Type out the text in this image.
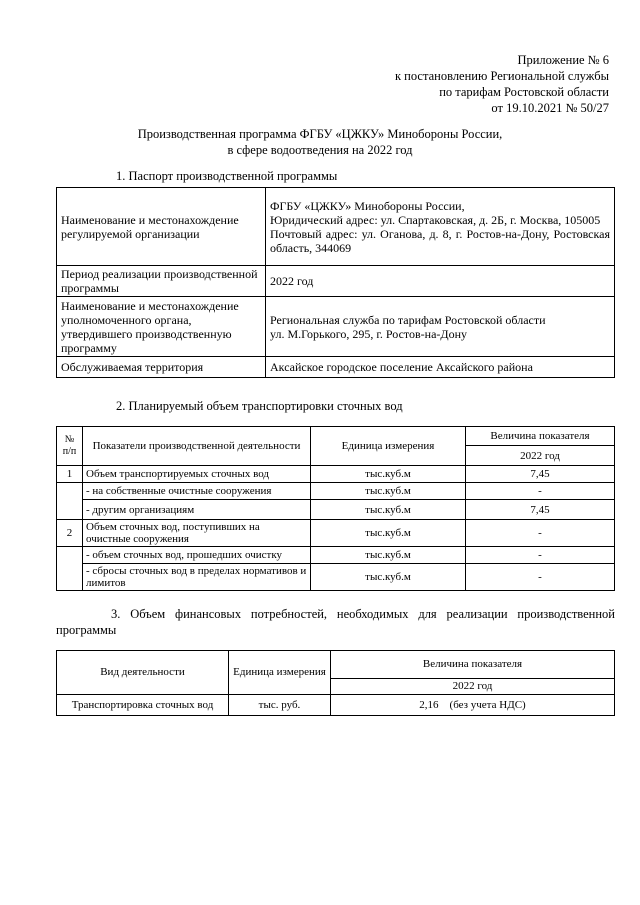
Приложение № 6
к постановлению Региональной службы
по тарифам Ростовской области
от 19.10.2021 № 50/27
Производственная программа ФГБУ «ЦЖКУ» Минобороны России,
в сфере водоотведения на 2022 год
1. Паспорт производственной программы
Наименование и местонахождение регулируемой организации	ФГБУ «ЦЖКУ» Минобороны России,
Юридический адрес: ул. Спартаковская, д. 2Б, г. Москва, 105005
Почтовый адрес: ул. Оганова, д. 8, г. Ростов-на-Дону, Ростовская область, 344069

Период реализации производственной программы	2022 год
Наименование и местонахождение уполномоченного органа, утвердившего производственную программу	Региональная служба по тарифам Ростовской области
ул. М.Горького, 295, г. Ростов-на-Дону

Обслуживаемая территория	Аксайское городское поселение Аксайского района
2. Планируемый объем транспортировки сточных вод
№ п/п	Показатели производственной деятельности	Единица измерения	Величина показателя
			2022 год
1	Объем транспортируемых сточных вод	тыс.куб.м	7,45
	- на собственные очистные сооружения	тыс.куб.м	-
	- другим организациям	тыс.куб.м	7,45
2	Объем сточных вод, поступивших на очистные сооружения	тыс.куб.м	-
	- объем сточных вод, прошедших очистку	тыс.куб.м	-
	- сбросы сточных вод в пределах нормативов и лимитов	тыс.куб.м	-
3. Объем финансовых потребностей, необходимых для реализации производственной программы
Вид деятельности	Единица измерения	Величина показателя
		2022 год
Транспортировка сточных вод	тыс. руб.	2,16 (без учета НДС)
